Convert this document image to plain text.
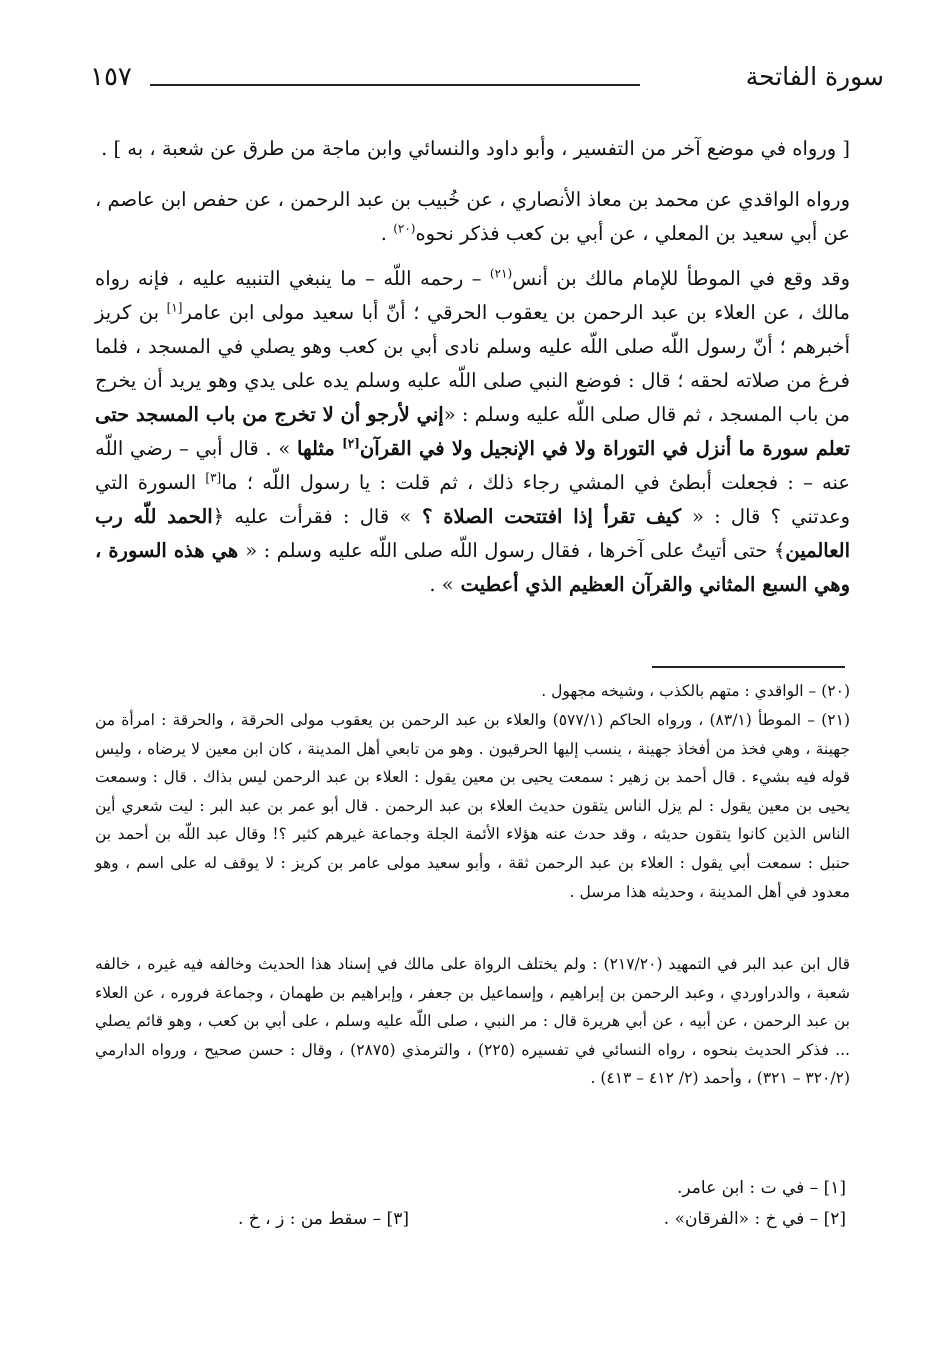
سورة الفاتحة
١٥٧
[ ورواه في موضع آخر من التفسير ، وأبو داود والنسائي وابن ماجة من طرق عن شعبة ، به ] .
ورواه الواقدي عن محمد بن معاذ الأنصاري ، عن خُبيب بن عبد الرحمن ، عن حفص ابن عاصم ، عن أبي سعيد بن المعلي ، عن أبي بن كعب فذكر نحوه$^{(٢٠)}$ .
وقد وقع في الموطأ للإمام مالك بن أنس$^{(٢١)}$ – رحمه اللّه – ما ينبغي التنبيه عليه ، فإنه رواه مالك ، عن العلاء بن عبد الرحمن بن يعقوب الحرقي ؛ أنّ أبا سعيد مولى ابن عامر[١] بن كريز أخبرهم ؛ أنّ رسول اللّه صلى اللّه عليه وسلم نادى أبي بن كعب وهو يصلي في المسجد ، فلما فرغ من صلاته لحقه ؛ قال : فوضع النبي صلى اللّه عليه وسلم يده على يدي وهو يريد أن يخرج من باب المسجد ، ثم قال صلى اللّه عليه وسلم : «إني لأرجو أن لا تخرج من باب المسجد حتى تعلم سورة ما أنزل في التوراة ولا في الإنجيل ولا في القرآن[٢] مثلها » . قال أبي – رضي اللّه عنه – : فجعلت أبطئ في المشي رجاء ذلك ، ثم قلت : يا رسول اللّه ؛ ما[٣] السورة التي وعدتني ؟ قال : « كيف تقرأ إذا افتتحت الصلاة ؟ » قال : فقرأت عليه ﴿الحمد للّه رب العالمين﴾ حتى أتيتُ على آخرها ، فقال رسول اللّه صلى اللّه عليه وسلم : « هي هذه السورة ، وهي السبع المثاني والقرآن العظيم الذي أعطيت » .
(٢٠) – الواقدي : متهم بالكذب ، وشيخه مجهول .
(٢١) – الموطأ (٨٣/١) ، ورواه الحاكم (٥٧٧/١) والعلاء بن عبد الرحمن بن يعقوب مولى الحرقة ، والحرقة : امرأة من جهينة ، وهي فخذ من أفخاذ جهينة ، ينسب إليها الحرقيون . وهو من تابعي أهل المدينة ، كان ابن معين لا يرضاه ، وليس قوله فيه بشيء . قال أحمد بن زهير : سمعت يحيى بن معين يقول : العلاء بن عبد الرحمن ليس بذاك . قال : وسمعت يحيى بن معين يقول : لم يزل الناس يتقون حديث العلاء بن عبد الرحمن . قال أبو عمر بن عبد البر : ليت شعري أين الناس الذين كانوا يتقون حديثه ، وقد حدث عنه هؤلاء الأئمة الجلة وجماعة غيرهم كثير ؟! وقال عبد اللّه بن أحمد بن حنبل : سمعت أبي يقول : العلاء بن عبد الرحمن ثقة ، وأبو سعيد مولى عامر بن كريز : لا يوقف له على اسم ، وهو معدود في أهل المدينة ، وحديثه هذا مرسل .
قال ابن عبد البر في التمهيد (٢١٧/٢٠) : ولم يختلف الرواة على مالك في إسناد هذا الحديث وخالفه فيه غيره ، خالفه شعبة ، والدراوردي ، وعبد الرحمن بن إبراهيم ، وإسماعيل بن جعفر ، وإبراهيم بن طهمان ، وجماعة فروره ، عن العلاء بن عبد الرحمن ، عن أبيه ، عن أبي هريرة قال : مر النبي ، صلى اللّه عليه وسلم ، على أبي بن كعب ، وهو قائم يصلي ... فذكر الحديث بنحوه ، رواه النسائي في تفسيره (٢٢٥) ، والترمذي (٢٨٧٥) ، وقال : حسن صحيح ، ورواه الدارمي (٣٢٠/٢ – ٣٢١) ، وأحمد (٢/ ٤١٢ – ٤١٣) .
[١] – في ت : ابن عامر.
[٢] – في خ : «الفرقان» .
[٣] – سقط من : ز ، خ .
